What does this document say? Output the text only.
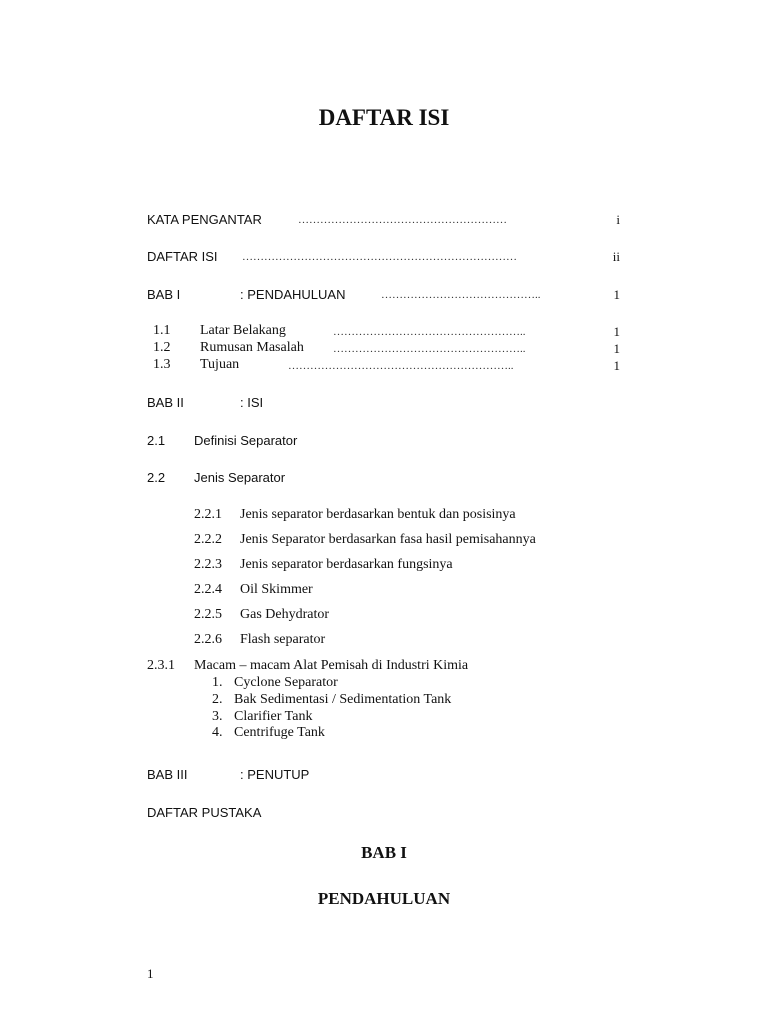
DAFTAR ISI
KATA PENGANTAR	…………………………………………………	i
DAFTAR ISI …………………………………………………………………	ii
BAB I	: PENDAHULUAN	……………………………………..	1
1.1 Latar Belakang	……………………………………………..	1
1.2 Rumusan Masalah	……………………………………………..	1
1.3 Tujuan	……………………………………………………..	1
BAB II	: ISI
2.1 Definisi Separator
2.2 Jenis Separator
2.2.1 Jenis separator berdasarkan bentuk dan posisinya
2.2.2 Jenis Separator berdasarkan fasa hasil pemisahannya
2.2.3 Jenis separator berdasarkan fungsinya
2.2.4 Oil Skimmer
2.2.5 Gas Dehydrator
2.2.6 Flash separator
2.3.1 Macam – macam Alat Pemisah di Industri Kimia
1. Cyclone Separator
2. Bak Sedimentasi / Sedimentation Tank
3. Clarifier Tank
4. Centrifuge Tank
BAB III	: PENUTUP
DAFTAR PUSTAKA
BAB I
PENDAHULUAN
1
